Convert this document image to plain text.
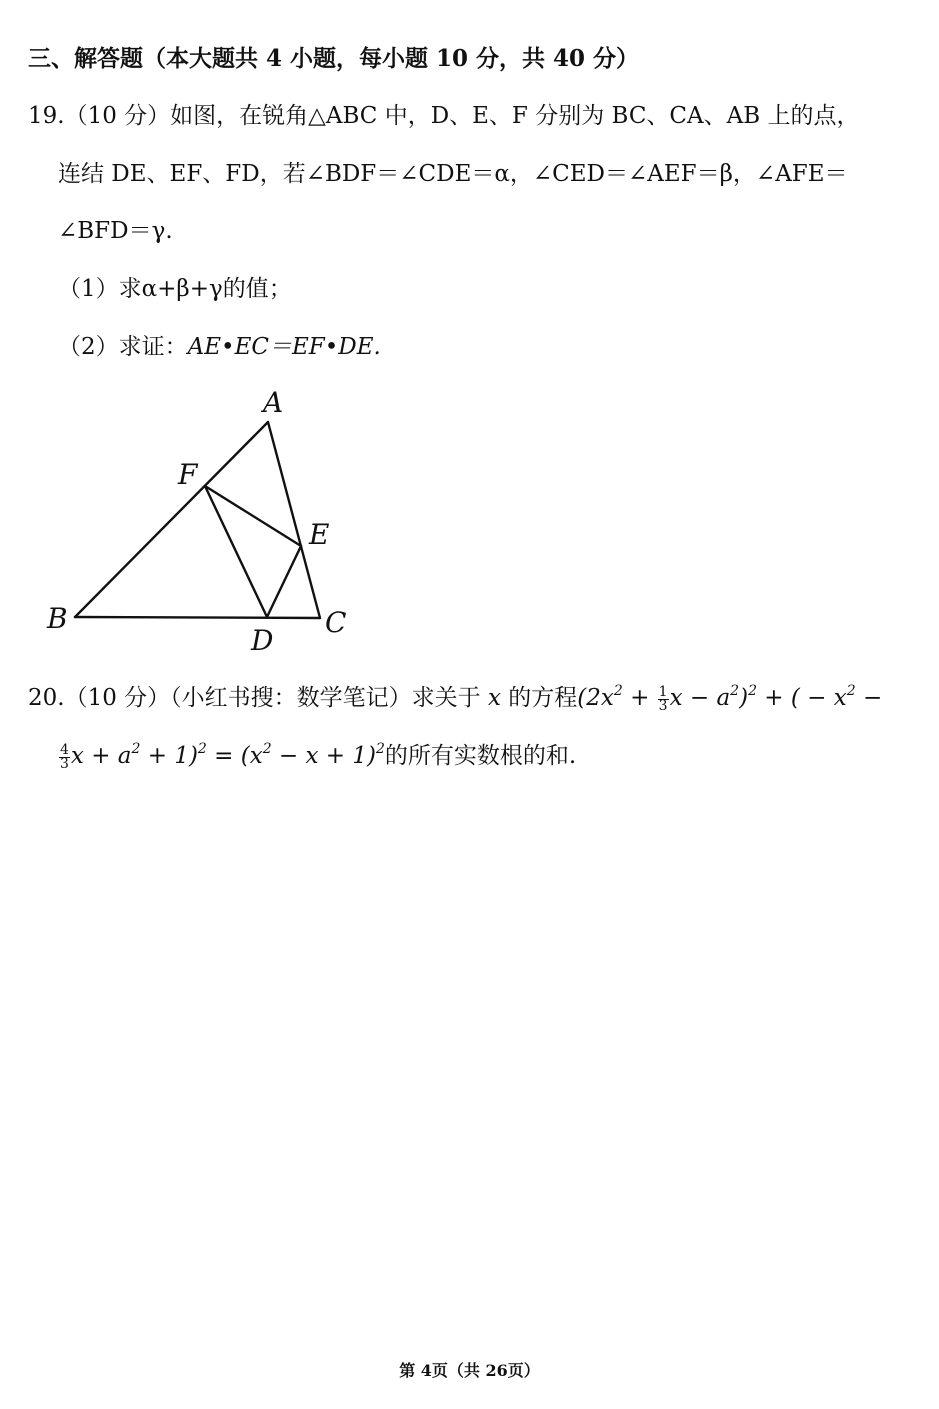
三、解答题（本大题共 4 小题，每小题 10 分，共 40 分）
19.（10 分）如图，在锐角△ABC 中，D、E、F 分别为 BC、CA、AB 上的点，
连结 DE、EF、FD，若∠BDF＝∠CDE＝α，∠CED＝∠AEF＝β，∠AFE＝
∠BFD＝γ.
（1）求α+β+γ的值；
（2）求证：AE•EC＝EF•DE.
A
F
E
B	C
D
20.（10 分）（小红书搜：数学笔记）求关于 x 的方程($2x^2 + \frac{1}{3}$ $x - a^2)^2$ + ( − $x^2$ −
$\frac{4}{3}$ $x + a^2 + 1)^2 = (x^2 - x + 1)^2$的所有实数根的和.
第 4页（共 26页）
